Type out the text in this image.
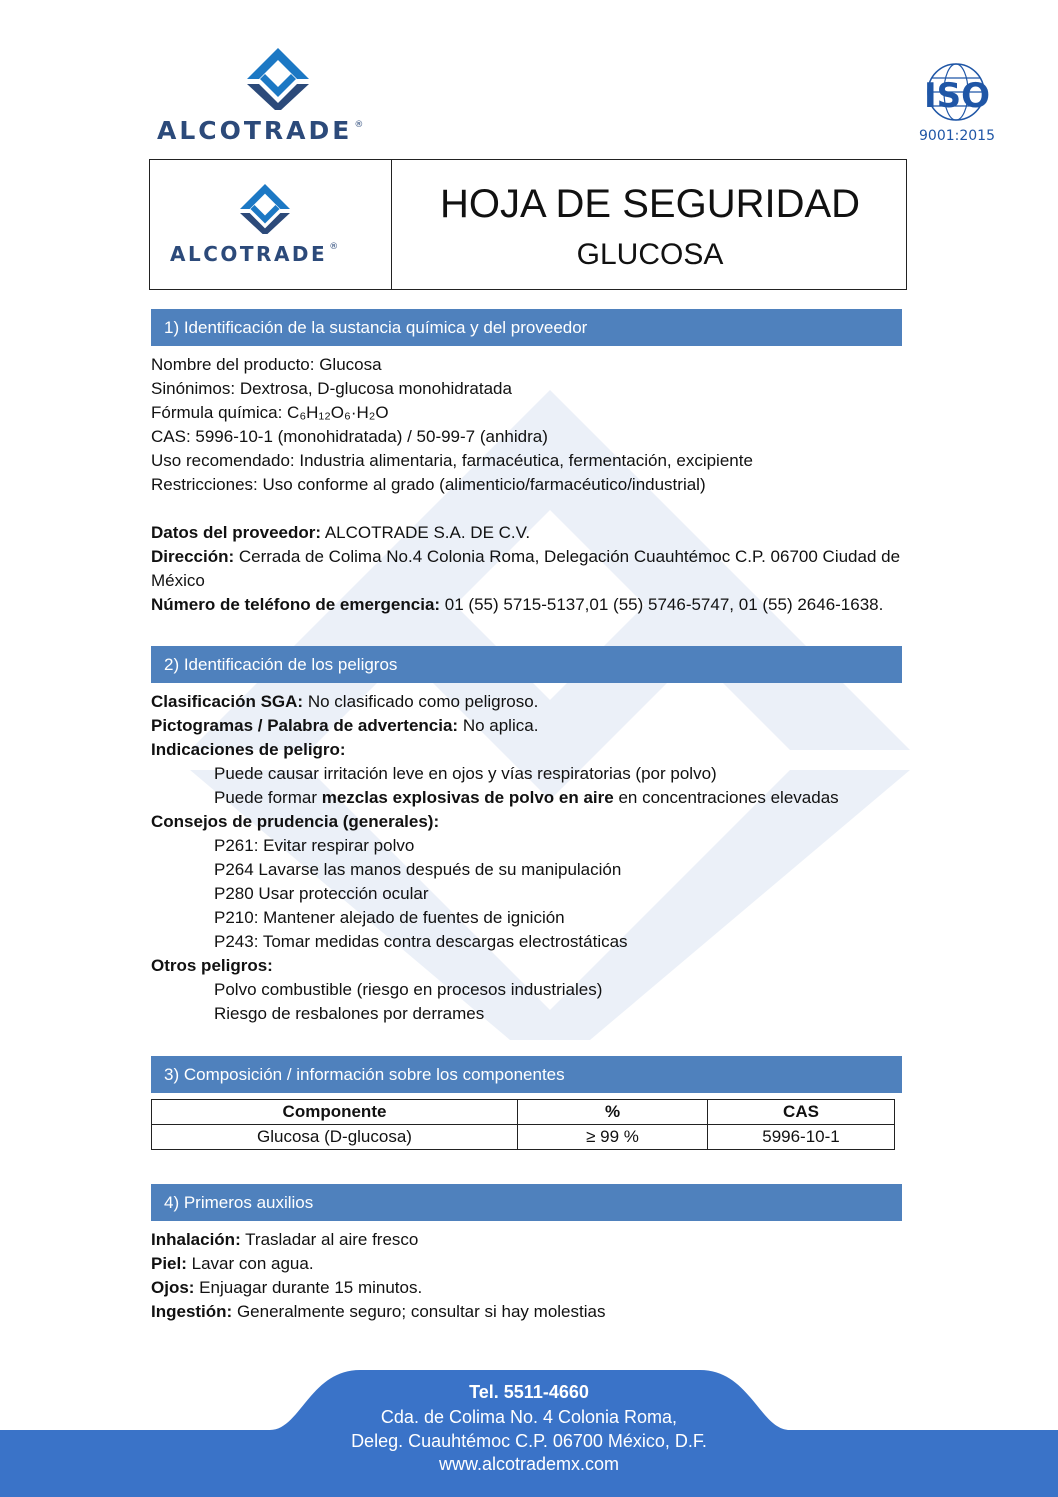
ALCOTRADE ®
ISO
9001:2015
ALCOTRADE ®
HOJA DE SEGURIDAD
GLUCOSA
1) Identificación de la sustancia química y del proveedor
Nombre del producto: Glucosa
Sinónimos: Dextrosa, D-glucosa monohidratada
Fórmula química: C₆H₁₂O₆·H₂O
CAS: 5996-10-1 (monohidratada) / 50-99-7 (anhidra)
Uso recomendado: Industria alimentaria, farmacéutica, fermentación, excipiente
Restricciones: Uso conforme al grado (alimenticio/farmacéutico/industrial)
Datos del proveedor: ALCOTRADE S.A. DE C.V.
Dirección: Cerrada de Colima No.4 Colonia Roma, Delegación Cuauhtémoc C.P. 06700 Ciudad de
México
Número de teléfono de emergencia: 01 (55) 5715-5137,01 (55) 5746-5747, 01 (55) 2646-1638.
2) Identificación de los peligros
Clasificación SGA: No clasificado como peligroso.
Pictogramas / Palabra de advertencia: No aplica.
Indicaciones de peligro:
Puede causar irritación leve en ojos y vías respiratorias (por polvo)
Puede formar mezclas explosivas de polvo en aire en concentraciones elevadas
Consejos de prudencia (generales):
P261: Evitar respirar polvo
P264 Lavarse las manos después de su manipulación
P280 Usar protección ocular
P210: Mantener alejado de fuentes de ignición
P243: Tomar medidas contra descargas electrostáticas
Otros peligros:
Polvo combustible (riesgo en procesos industriales)
Riesgo de resbalones por derrames
3) Composición / información sobre los componentes
Componente	%	CAS
Glucosa (D-glucosa)	≥ 99 %	5996-10-1
4) Primeros auxilios
Inhalación: Trasladar al aire fresco
Piel: Lavar con agua.
Ojos: Enjuagar durante 15 minutos.
Ingestión: Generalmente seguro; consultar si hay molestias
Tel. 5511-4660
Cda. de Colima No. 4 Colonia Roma,
Deleg. Cuauhtémoc C.P. 06700 México, D.F.
www.alcotrademx.com
